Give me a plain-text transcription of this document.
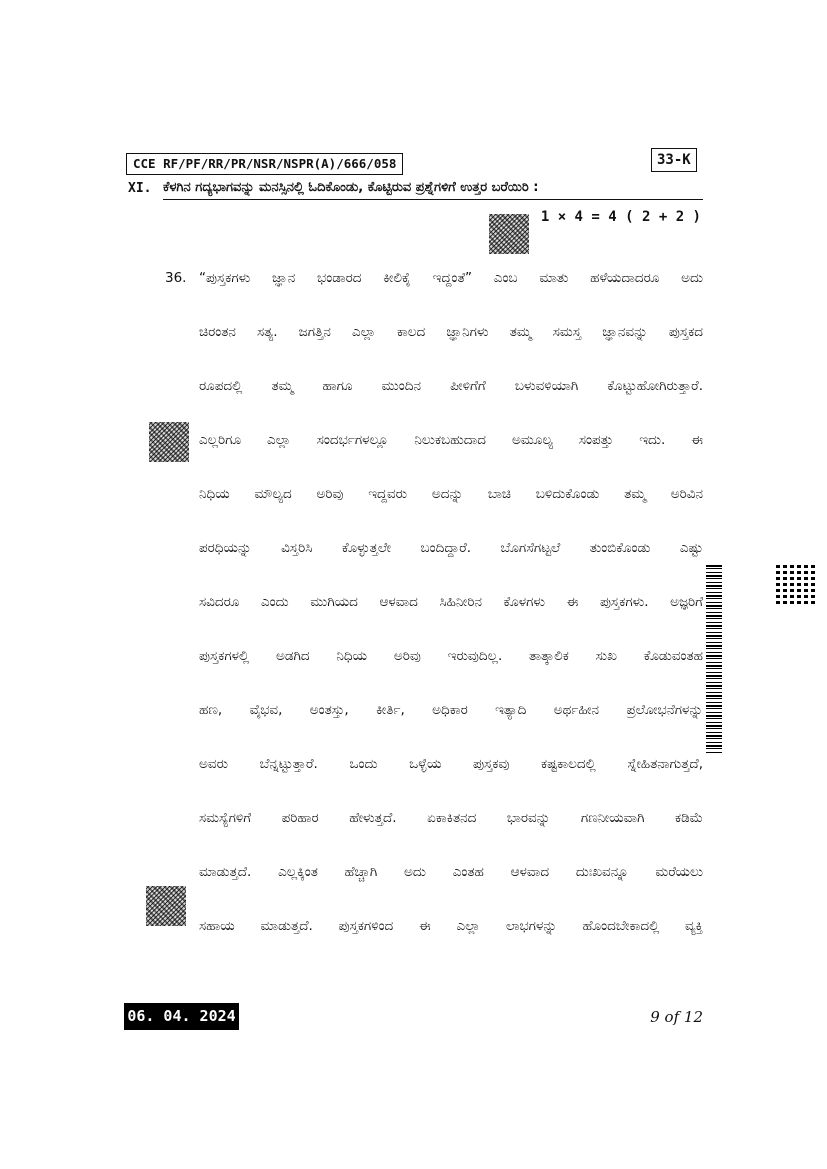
CCE RF/PF/RR/PR/NSR/NSPR(A)/666/058	33-K
XI. ಕೆಳಗಿನ ಗದ್ಯಭಾಗವನ್ನು ಮನಸ್ಸಿನಲ್ಲಿ ಓದಿಕೊಂಡು, ಕೊಟ್ಟಿರುವ ಪ್ರಶ್ನೆಗಳಿಗೆ ಉತ್ತರ ಬರೆಯಿರಿ :
1 × 4 = 4 ( 2 + 2 )
36. “ಪುಸ್ತಕಗಳು ಜ್ಞಾನ ಭಂಡಾರದ ಕೀಲಿಕೈ ಇದ್ದಂತೆ” ಎಂಬ ಮಾತು ಹಳೆಯದಾದರೂ ಅದು
ಚಿರಂತನ ಸತ್ಯ. ಜಗತ್ತಿನ ಎಲ್ಲಾ ಕಾಲದ ಜ್ಞಾನಿಗಳು ತಮ್ಮ ಸಮಸ್ತ ಜ್ಞಾನವನ್ನು ಪುಸ್ತಕದ
ರೂಪದಲ್ಲಿ ತಮ್ಮ ಹಾಗೂ ಮುಂದಿನ ಪೀಳಿಗೆಗೆ ಬಳುವಳಿಯಾಗಿ ಕೊಟ್ಟುಹೋಗಿರುತ್ತಾರೆ.
ಎಲ್ಲರಿಗೂ ಎಲ್ಲಾ ಸಂದರ್ಭಗಳಲ್ಲೂ ನಿಲುಕಬಹುದಾದ ಅಮೂಲ್ಯ ಸಂಪತ್ತು ಇದು. ಈ
ನಿಧಿಯ ಮೌಲ್ಯದ ಅರಿವು ಇದ್ದವರು ಅದನ್ನು ಬಾಚಿ ಬಳಿದುಕೊಂಡು ತಮ್ಮ ಅರಿವಿನ
ಪರಧಿಯನ್ನು ವಿಸ್ತರಿಸಿ ಕೊಳ್ಳುತ್ತಲೇ ಬಂದಿದ್ದಾರೆ. ಬೊಗಸೆಗಟ್ಟಲೆ ತುಂಬಿಕೊಂಡು ಎಷ್ಟು
ಸವಿದರೂ ಎಂದು ಮುಗಿಯದ ಆಳವಾದ ಸಿಹಿನೀರಿನ ಕೊಳಗಳು ಈ ಪುಸ್ತಕಗಳು. ಅಜ್ಞರಿಗೆ
ಪುಸ್ತಕಗಳಲ್ಲಿ ಅಡಗಿದ ನಿಧಿಯ ಅರಿವು ಇರುವುದಿಲ್ಲ. ತಾತ್ಕಾಲಿಕ ಸುಖ ಕೊಡುವಂತಹ
ಹಣ, ವೈಭವ, ಅಂತಸ್ತು, ಕೀರ್ತಿ, ಅಧಿಕಾರ ಇತ್ಯಾದಿ ಅರ್ಥಹೀನ ಪ್ರಲೋಭನೆಗಳನ್ನು
ಅವರು ಬೆನ್ನಟ್ಟುತ್ತಾರೆ. ಒಂದು ಒಳ್ಳೆಯ ಪುಸ್ತಕವು ಕಷ್ಟಕಾಲದಲ್ಲಿ ಸ್ನೇಹಿತನಾಗುತ್ತದೆ,
ಸಮಸ್ಯೆಗಳಿಗೆ ಪರಿಹಾರ ಹೇಳುತ್ತದೆ. ಏಕಾಕಿತನದ ಭಾರವನ್ನು ಗಣನೀಯವಾಗಿ ಕಡಿಮೆ
ಮಾಡುತ್ತದೆ. ಎಲ್ಲಕ್ಕಿಂತ ಹೆಚ್ಚಾಗಿ ಅದು ಎಂತಹ ಆಳವಾದ ದುಃಖವನ್ನೂ ಮರೆಯಲು
ಸಹಾಯ ಮಾಡುತ್ತದೆ. ಪುಸ್ತಕಗಳಿಂದ ಈ ಎಲ್ಲಾ ಲಾಭಗಳನ್ನು ಹೊಂದಬೇಕಾದಲ್ಲಿ ವ್ಯಕ್ತಿ
06. 04. 2024	9 of 12
